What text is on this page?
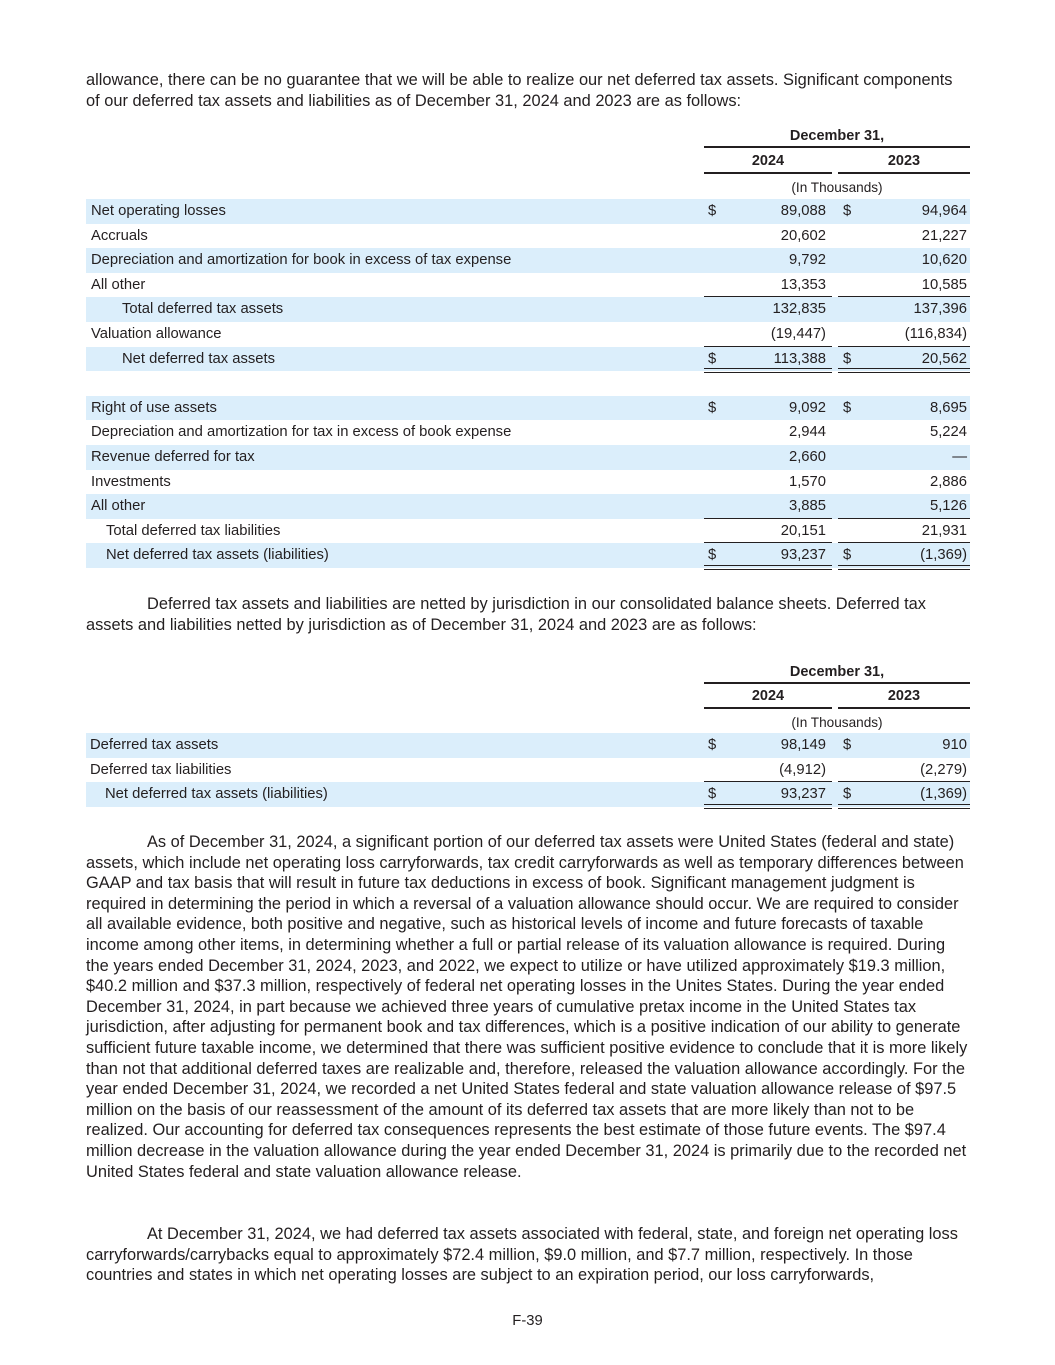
allowance, there can be no guarantee that we will be able to realize our net deferred tax assets. Significant components of our deferred tax assets and liabilities as of December 31, 2024 and 2023 are as follows:

December 31,
2024	2023
(In Thousands)
Net operating losses	$	89,088 $	94,964
Accruals	20,602	21,227
Depreciation and amortization for book in excess of tax expense	9,792	10,620
All other	13,353	10,585
Total deferred tax assets	132,835	137,396
Valuation allowance	(19,447)	(116,834)
Net deferred tax assets	$	113,388 $	20,562
Right of use assets	$	9,092 $	8,695
Depreciation and amortization for tax in excess of book expense	2,944	5,224
Revenue deferred for tax	2,660	—
Investments	1,570	2,886
All other	3,885	5,126
Total deferred tax liabilities	20,151	21,931
Net deferred tax assets (liabilities)	$	93,237 $	(1,369)

Deferred tax assets and liabilities are netted by jurisdiction in our consolidated balance sheets. Deferred tax assets and liabilities netted by jurisdiction as of December 31, 2024 and 2023 are as follows:

December 31,
2024	2023
(In Thousands)
Deferred tax assets	$	98,149 $	910
Deferred tax liabilities	(4,912)	(2,279)
Net deferred tax assets (liabilities)	$	93,237 $	(1,369)

As of December 31, 2024, a significant portion of our deferred tax assets were United States (federal and state) assets, which include net operating loss carryforwards, tax credit carryforwards as well as temporary differences between GAAP and tax basis that will result in future tax deductions in excess of book. Significant management judgment is required in determining the period in which a reversal of a valuation allowance should occur. We are required to consider all available evidence, both positive and negative, such as historical levels of income and future forecasts of taxable income among other items, in determining whether a full or partial release of its valuation allowance is required. During the years ended December 31, 2024, 2023, and 2022, we expect to utilize or have utilized approximately $19.3 million, $40.2 million and $37.3 million, respectively of federal net operating losses in the Unites States. During the year ended December 31, 2024, in part because we achieved three years of cumulative pretax income in the United States tax jurisdiction, after adjusting for permanent book and tax differences, which is a positive indication of our ability to generate sufficient future taxable income, we determined that there was sufficient positive evidence to conclude that it is more likely than not that additional deferred taxes are realizable and, therefore, released the valuation allowance accordingly. For the year ended December 31, 2024, we recorded a net United States federal and state valuation allowance release of $97.5 million on the basis of our reassessment of the amount of its deferred tax assets that are more likely than not to be realized. Our accounting for deferred tax consequences represents the best estimate of those future events. The $97.4 million decrease in the valuation allowance during the year ended December 31, 2024 is primarily due to the recorded net United States federal and state valuation allowance release.

At December 31, 2024, we had deferred tax assets associated with federal, state, and foreign net operating loss carryforwards/carrybacks equal to approximately $72.4 million, $9.0 million, and $7.7 million, respectively. In those countries and states in which net operating losses are subject to an expiration period, our loss carryforwards,

F-39
